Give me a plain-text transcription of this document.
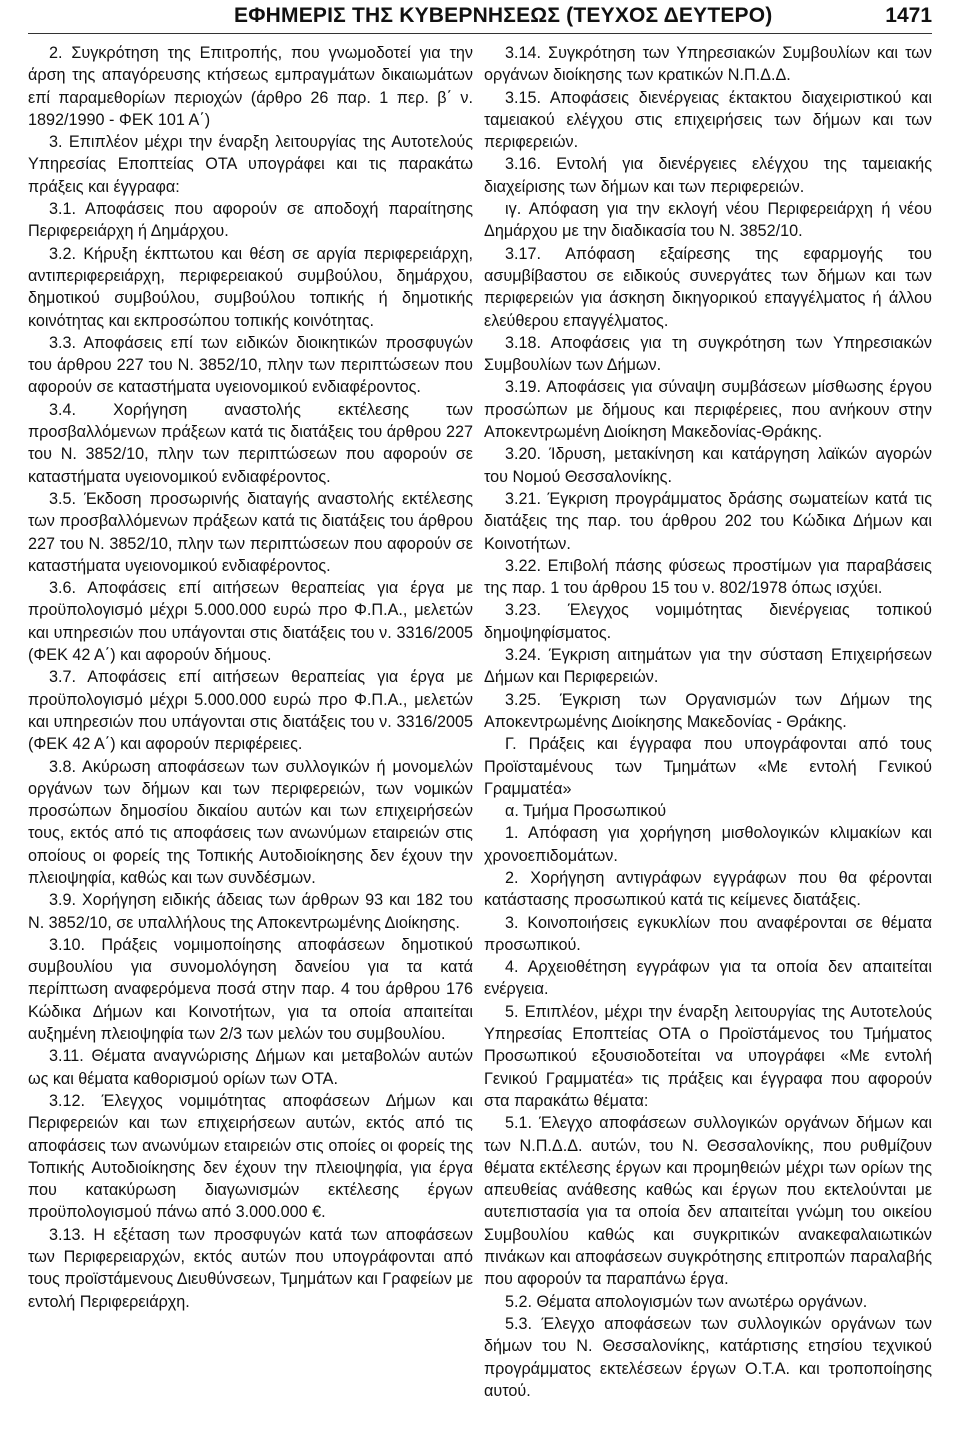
ΕΦΗΜΕΡΙΣ ΤΗΣ ΚΥΒΕΡΝΗΣΕΩΣ (ΤΕΥΧΟΣ ΔΕΥΤΕΡΟ)	1471

2. Συγκρότηση της Επιτροπής, που γνωμοδοτεί για την άρση της απαγόρευσης κτήσεως εμπραγμάτων δικαιωμάτων επί παραμεθορίων περιοχών (άρθρο 26 παρ. 1 περ. β΄ ν. 1892/1990 - ΦΕΚ 101 Α΄)

3. Επιπλέον μέχρι την έναρξη λειτουργίας της Αυτοτελούς Υπηρεσίας Εποπτείας ΟΤΑ υπογράφει και τις παρακάτω πράξεις και έγγραφα:

3.1. Αποφάσεις που αφορούν σε αποδοχή παραίτησης Περιφερειάρχη ή Δημάρχου.

3.2. Κήρυξη έκπτωτου και θέση σε αργία περιφερειάρχη, αντιπεριφερειάρχη, περιφερειακού συμβούλου, δημάρχου, δημοτικού συμβούλου, συμβούλου τοπικής ή δημοτικής κοινότητας και εκπροσώπου τοπικής κοινότητας.

3.3. Αποφάσεις επί των ειδικών διοικητικών προσφυγών του άρθρου 227 του Ν. 3852/10, πλην των περιπτώσεων που αφορούν σε καταστήματα υγειονομικού ενδιαφέροντος.

3.4. Χορήγηση αναστολής εκτέλεσης των προσβαλλόμενων πράξεων κατά τις διατάξεις του άρθρου 227 του Ν. 3852/10, πλην των περιπτώσεων που αφορούν σε καταστήματα υγειονομικού ενδιαφέροντος.

3.5. Έκδοση προσωρινής διαταγής αναστολής εκτέλεσης των προσβαλλόμενων πράξεων κατά τις διατάξεις του άρθρου 227 του Ν. 3852/10, πλην των περιπτώσεων που αφορούν σε καταστήματα υγειονομικού ενδιαφέροντος.

3.6. Αποφάσεις επί αιτήσεων θεραπείας για έργα με προϋπολογισμό μέχρι 5.000.000 ευρώ προ Φ.Π.Α., μελετών και υπηρεσιών που υπάγονται στις διατάξεις του ν. 3316/2005 (ΦΕΚ 42 Α΄) και αφορούν δήμους.

3.7. Αποφάσεις επί αιτήσεων θεραπείας για έργα με προϋπολογισμό μέχρι 5.000.000 ευρώ προ Φ.Π.Α., μελετών και υπηρεσιών που υπάγονται στις διατάξεις του ν. 3316/2005 (ΦΕΚ 42 Α΄) και αφορούν περιφέρειες.

3.8. Ακύρωση αποφάσεων των συλλογικών ή μονομελών οργάνων των δήμων και των περιφερειών, των νομικών προσώπων δημοσίου δικαίου αυτών και των επιχειρήσεών τους, εκτός από τις αποφάσεις των ανωνύμων εταιρειών στις οποίους οι φορείς της Τοπικής Αυτοδιοίκησης δεν έχουν την πλειοψηφία, καθώς και των συνδέσμων.

3.9. Χορήγηση ειδικής άδειας των άρθρων 93 και 182 του Ν. 3852/10, σε υπαλλήλους της Αποκεντρωμένης Διοίκησης.

3.10. Πράξεις νομιμοποίησης αποφάσεων δημοτικού συμβουλίου για συνομολόγηση δανείου για τα κατά περίπτωση αναφερόμενα ποσά στην παρ. 4 του άρθρου 176 Κώδικα Δήμων και Κοινοτήτων, για τα οποία απαιτείται αυξημένη πλειοψηφία των 2/3 των μελών του συμβουλίου.

3.11. Θέματα αναγνώρισης Δήμων και μεταβολών αυτών ως και θέματα καθορισμού ορίων των ΟΤΑ.

3.12. Έλεγχος νομιμότητας αποφάσεων Δήμων και Περιφερειών και των επιχειρήσεων αυτών, εκτός από τις αποφάσεις των ανωνύμων εταιρειών στις οποίες οι φορείς της Τοπικής Αυτοδιοίκησης δεν έχουν την πλειοψηφία, για έργα που κατακύρωση διαγωνισμών εκτέλεσης έργων προϋπολογισμού πάνω από 3.000.000 €.

3.13. Η εξέταση των προσφυγών κατά των αποφάσεων των Περιφερειαρχών, εκτός αυτών που υπογράφονται από τους προϊστάμενους Διευθύνσεων, Τμημάτων και Γραφείων με εντολή Περιφερειάρχη.

3.14. Συγκρότηση των Υπηρεσιακών Συμβουλίων και των οργάνων διοίκησης των κρατικών Ν.Π.Δ.Δ.

3.15. Αποφάσεις διενέργειας έκτακτου διαχειριστικού και ταμειακού ελέγχου στις επιχειρήσεις των δήμων και των περιφερειών.

3.16. Εντολή για διενέργειες ελέγχου της ταμειακής διαχείρισης των δήμων και των περιφερειών.

ιγ. Απόφαση για την εκλογή νέου Περιφερειάρχη ή νέου Δημάρχου με την διαδικασία του Ν. 3852/10.

3.17. Απόφαση εξαίρεσης της εφαρμογής του ασυμβίβαστου σε ειδικούς συνεργάτες των δήμων και των περιφερειών για άσκηση δικηγορικού επαγγέλματος ή άλλου ελεύθερου επαγγέλματος.

3.18. Αποφάσεις για τη συγκρότηση των Υπηρεσιακών Συμβουλίων των Δήμων.

3.19. Αποφάσεις για σύναψη συμβάσεων μίσθωσης έργου προσώπων με δήμους και περιφέρειες, που ανήκουν στην Αποκεντρωμένη Διοίκηση Μακεδονίας-Θράκης.

3.20. Ίδρυση, μετακίνηση και κατάργηση λαϊκών αγορών του Νομού Θεσσαλονίκης.

3.21. Έγκριση προγράμματος δράσης σωματείων κατά τις διατάξεις της παρ. του άρθρου 202 του Κώδικα Δήμων και Κοινοτήτων.

3.22. Επιβολή πάσης φύσεως προστίμων για παραβάσεις της παρ. 1 του άρθρου 15 του ν. 802/1978 όπως ισχύει.

3.23. Έλεγχος νομιμότητας διενέργειας τοπικού δημοψηφίσματος.

3.24. Έγκριση αιτημάτων για την σύσταση Επιχειρήσεων Δήμων και Περιφερειών.

3.25. Έγκριση των Οργανισμών των Δήμων της Αποκεντρωμένης Διοίκησης Μακεδονίας - Θράκης.

Γ. Πράξεις και έγγραφα που υπογράφονται από τους Προϊσταμένους των Τμημάτων «Με εντολή Γενικού Γραμματέα»

α. Τμήμα Προσωπικού

1. Απόφαση για χορήγηση μισθολογικών κλιμακίων και χρονοεπιδομάτων.

2. Χορήγηση αντιγράφων εγγράφων που θα φέρονται κατάστασης προσωπικού κατά τις κείμενες διατάξεις.

3. Κοινοποιήσεις εγκυκλίων που αναφέρονται σε θέματα προσωπικού.

4. Αρχειοθέτηση εγγράφων για τα οποία δεν απαιτείται ενέργεια.

5. Επιπλέον, μέχρι την έναρξη λειτουργίας της Αυτοτελούς Υπηρεσίας Εποπτείας ΟΤΑ ο Προϊστάμενος του Τμήματος Προσωπικού εξουσιοδοτείται να υπογράφει «Με εντολή Γενικού Γραμματέα» τις πράξεις και έγγραφα που αφορούν στα παρακάτω θέματα:

5.1. Έλεγχο αποφάσεων συλλογικών οργάνων δήμων και των Ν.Π.Δ.Δ. αυτών, του Ν. Θεσσαλονίκης, που ρυθμίζουν θέματα εκτέλεσης έργων και προμηθειών μέχρι των ορίων της απευθείας ανάθεσης καθώς και έργων που εκτελούνται με αυτεπιστασία για τα οποία δεν απαιτείται γνώμη του οικείου Συμβουλίου καθώς και συγκριτικών ανακεφαλαιωτικών πινάκων και αποφάσεων συγκρότησης επιτροπών παραλαβής που αφορούν τα παραπάνω έργα.

5.2. Θέματα απολογισμών των ανωτέρω οργάνων.

5.3. Έλεγχο αποφάσεων των συλλογικών οργάνων των δήμων του Ν. Θεσσαλονίκης, κατάρτισης ετησίου τεχνικού προγράμματος εκτελέσεων έργων Ο.Τ.Α. και τροποποίησης αυτού.
